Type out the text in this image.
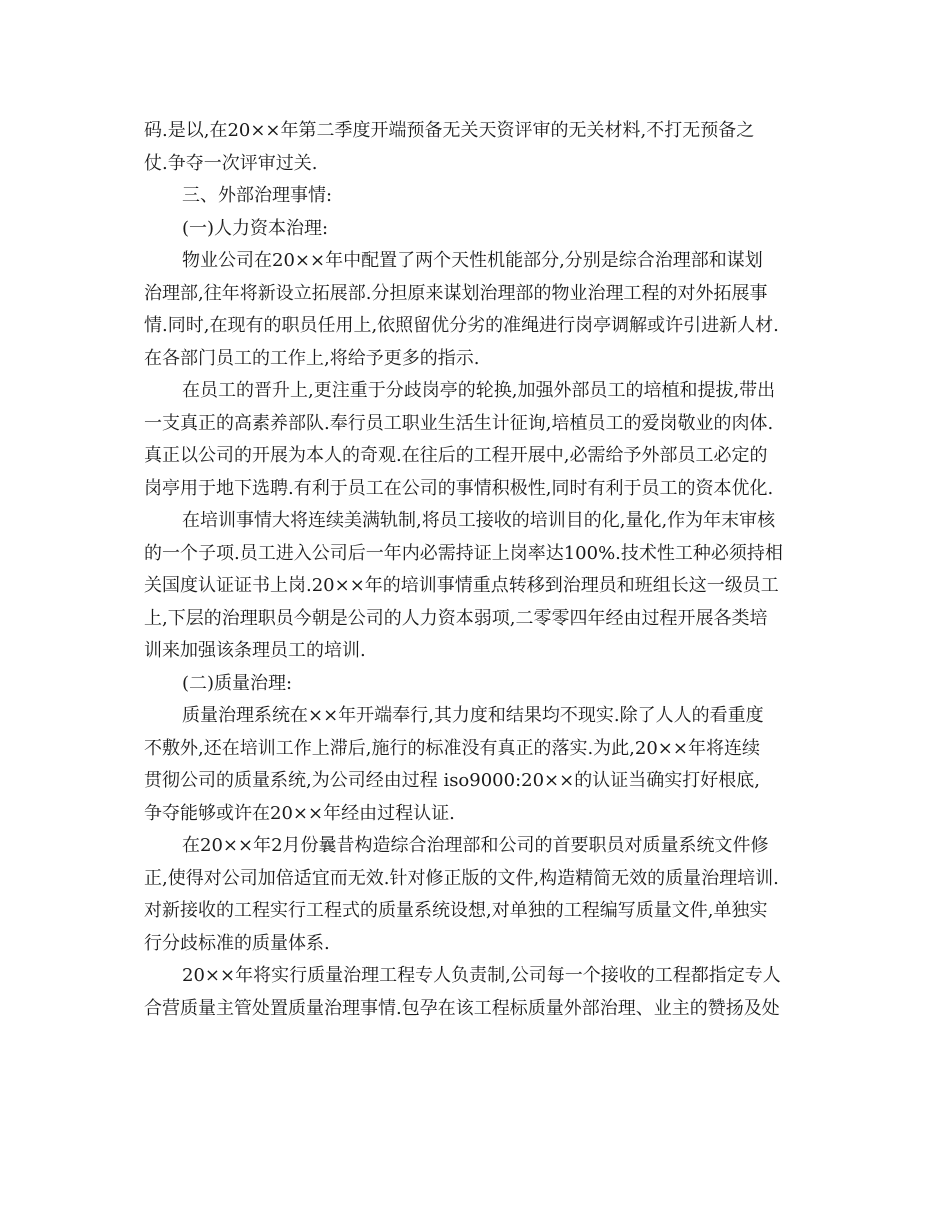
码.是以,在20××年第二季度开端预备无关天资评审的无关材料,不打无预备之
仗.争夺一次评审过关.
三、外部治理事情:
(一)人力资本治理:
物业公司在20××年中配置了两个天性机能部分,分别是综合治理部和谋划
治理部,往年将新设立拓展部.分担原来谋划治理部的物业治理工程的对外拓展事
情.同时,在现有的职员任用上,依照留优分劣的准绳进行岗亭调解或许引进新人材.
在各部门员工的工作上,将给予更多的指示.
在员工的晋升上,更注重于分歧岗亭的轮换,加强外部员工的培植和提拔,带出
一支真正的高素养部队.奉行员工职业生活生计征询,培植员工的爱岗敬业的肉体.
真正以公司的开展为本人的奇观.在往后的工程开展中,必需给予外部员工必定的
岗亭用于地下选聘.有利于员工在公司的事情积极性,同时有利于员工的资本优化.
在培训事情大将连续美满轨制,将员工接收的培训目的化,量化,作为年末审核
的一个子项.员工进入公司后一年内必需持证上岗率达100%.技术性工种必须持相
关国度认证证书上岗.20××年的培训事情重点转移到治理员和班组长这一级员工
上,下层的治理职员今朝是公司的人力资本弱项,二零零四年经由过程开展各类培
训来加强该条理员工的培训.
(二)质量治理:
质量治理系统在××年开端奉行,其力度和结果均不现实.除了人人的看重度
不敷外,还在培训工作上滞后,施行的标准没有真正的落实.为此,20××年将连续
贯彻公司的质量系统,为公司经由过程 iso9000:20××的认证当确实打好根底,
争夺能够或许在20××年经由过程认证.
在20××年2月份曩昔构造综合治理部和公司的首要职员对质量系统文件修
正,使得对公司加倍适宜而无效.针对修正版的文件,构造精简无效的质量治理培训.
对新接收的工程实行工程式的质量系统设想,对单独的工程编写质量文件,单独实
行分歧标准的质量体系.
20××年将实行质量治理工程专人负责制,公司每一个接收的工程都指定专人
合营质量主管处置质量治理事情.包孕在该工程标质量外部治理、业主的赞扬及处
